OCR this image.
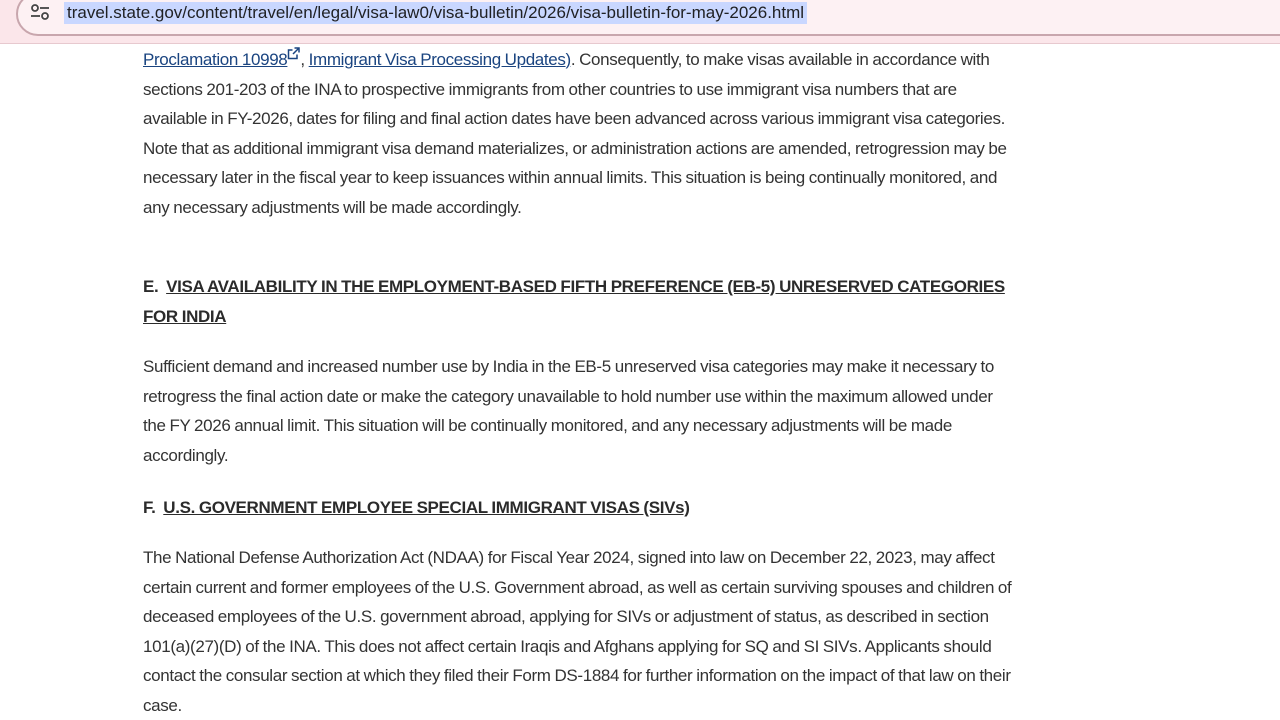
travel.state.gov/content/travel/en/legal/visa-law0/visa-bulletin/2026/visa-bulletin-for-may-2026.html

Proclamation 10998 , Immigrant Visa Processing Updates). Consequently, to make visas available in accordance with sections 201-203 of the INA to prospective immigrants from other countries to use immigrant visa numbers that are available in FY-2026, dates for filing and final action dates have been advanced across various immigrant visa categories. Note that as additional immigrant visa demand materializes, or administration actions are amended, retrogression may be necessary later in the fiscal year to keep issuances within annual limits. This situation is being continually monitored, and any necessary adjustments will be made accordingly.

E. VISA AVAILABILITY IN THE EMPLOYMENT-BASED FIFTH PREFERENCE (EB-5) UNRESERVED CATEGORIES FOR INDIA

Sufficient demand and increased number use by India in the EB-5 unreserved visa categories may make it necessary to retrogress the final action date or make the category unavailable to hold number use within the maximum allowed under the FY 2026 annual limit. This situation will be continually monitored, and any necessary adjustments will be made accordingly.

F. U.S. GOVERNMENT EMPLOYEE SPECIAL IMMIGRANT VISAS (SIVs)

The National Defense Authorization Act (NDAA) for Fiscal Year 2024, signed into law on December 22, 2023, may affect certain current and former employees of the U.S. Government abroad, as well as certain surviving spouses and children of deceased employees of the U.S. government abroad, applying for SIVs or adjustment of status, as described in section 101(a)(27)(D) of the INA. This does not affect certain Iraqis and Afghans applying for SQ and SI SIVs. Applicants should contact the consular section at which they filed their Form DS-1884 for further information on the impact of that law on their case.
